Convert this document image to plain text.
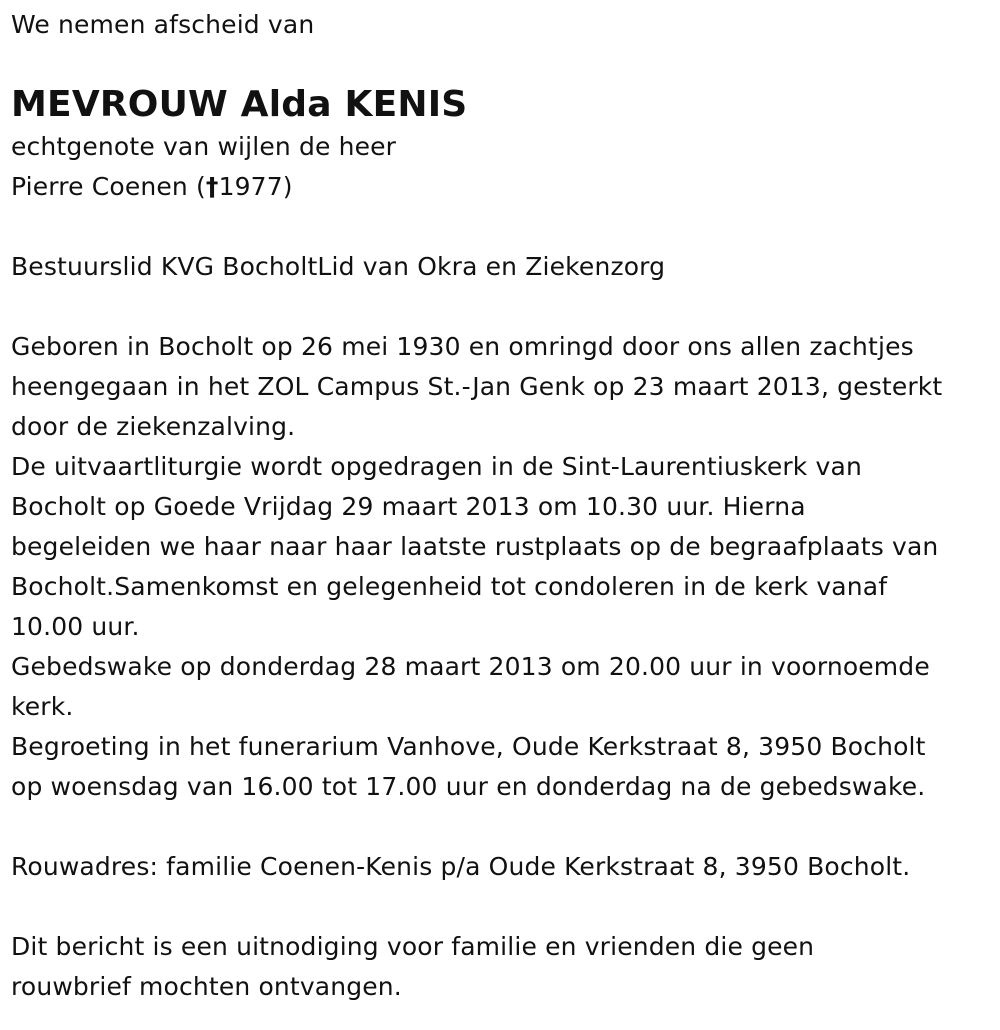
We nemen afscheid van

MEVROUW Alda KENIS

echtgenote van wijlen de heer

Pierre Coenen (†1977)

Bestuurslid KVG BocholtLid van Okra en Ziekenzorg

Geboren in Bocholt op 26 mei 1930 en omringd door ons allen zachtjes

heengegaan in het ZOL Campus St.-Jan Genk op 23 maart 2013, gesterkt

door de ziekenzalving.

De uitvaartliturgie wordt opgedragen in de Sint-Laurentiuskerk van

Bocholt op Goede Vrijdag 29 maart 2013 om 10.30 uur. Hierna

begeleiden we haar naar haar laatste rustplaats op de begraafplaats van

Bocholt.Samenkomst en gelegenheid tot condoleren in de kerk vanaf

10.00 uur.

Gebedswake op donderdag 28 maart 2013 om 20.00 uur in voornoemde

kerk.

Begroeting in het funerarium Vanhove, Oude Kerkstraat 8, 3950 Bocholt

op woensdag van 16.00 tot 17.00 uur en donderdag na de gebedswake.

Rouwadres: familie Coenen-Kenis p/a Oude Kerkstraat 8, 3950 Bocholt.

Dit bericht is een uitnodiging voor familie en vrienden die geen

rouwbrief mochten ontvangen.
